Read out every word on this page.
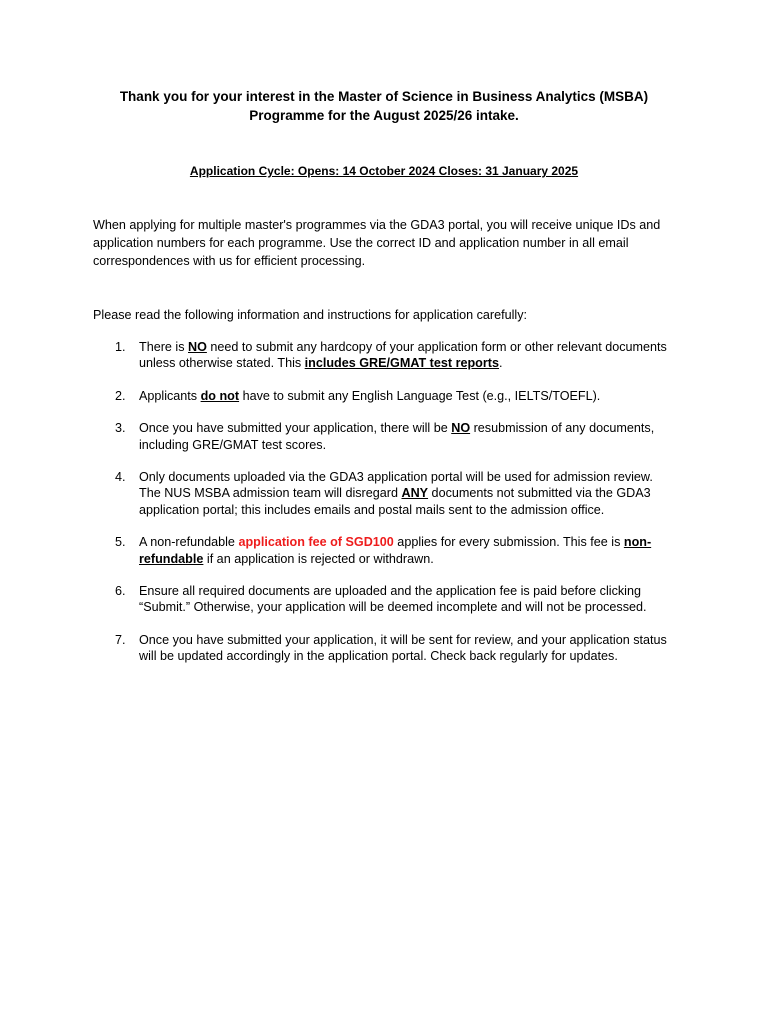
Thank you for your interest in the Master of Science in Business Analytics (MSBA)
Programme for the August 2025/26 intake.
Application Cycle: Opens: 14 October 2024 Closes: 31 January 2025
When applying for multiple master's programmes via the GDA3 portal, you will receive unique IDs and application numbers for each programme. Use the correct ID and application number in all email correspondences with us for efficient processing.
Please read the following information and instructions for application carefully:
1. There is NO need to submit any hardcopy of your application form or other relevant documents unless otherwise stated. This includes GRE/GMAT test reports.
2. Applicants do not have to submit any English Language Test (e.g., IELTS/TOEFL).
3. Once you have submitted your application, there will be NO resubmission of any documents, including GRE/GMAT test scores.
4. Only documents uploaded via the GDA3 application portal will be used for admission review. The NUS MSBA admission team will disregard ANY documents not submitted via the GDA3 application portal; this includes emails and postal mails sent to the admission office.
5. A non-refundable application fee of SGD100 applies for every submission. This fee is non-refundable if an application is rejected or withdrawn.
6. Ensure all required documents are uploaded and the application fee is paid before clicking “Submit.” Otherwise, your application will be deemed incomplete and will not be processed.
7. Once you have submitted your application, it will be sent for review, and your application status will be updated accordingly in the application portal. Check back regularly for updates.
